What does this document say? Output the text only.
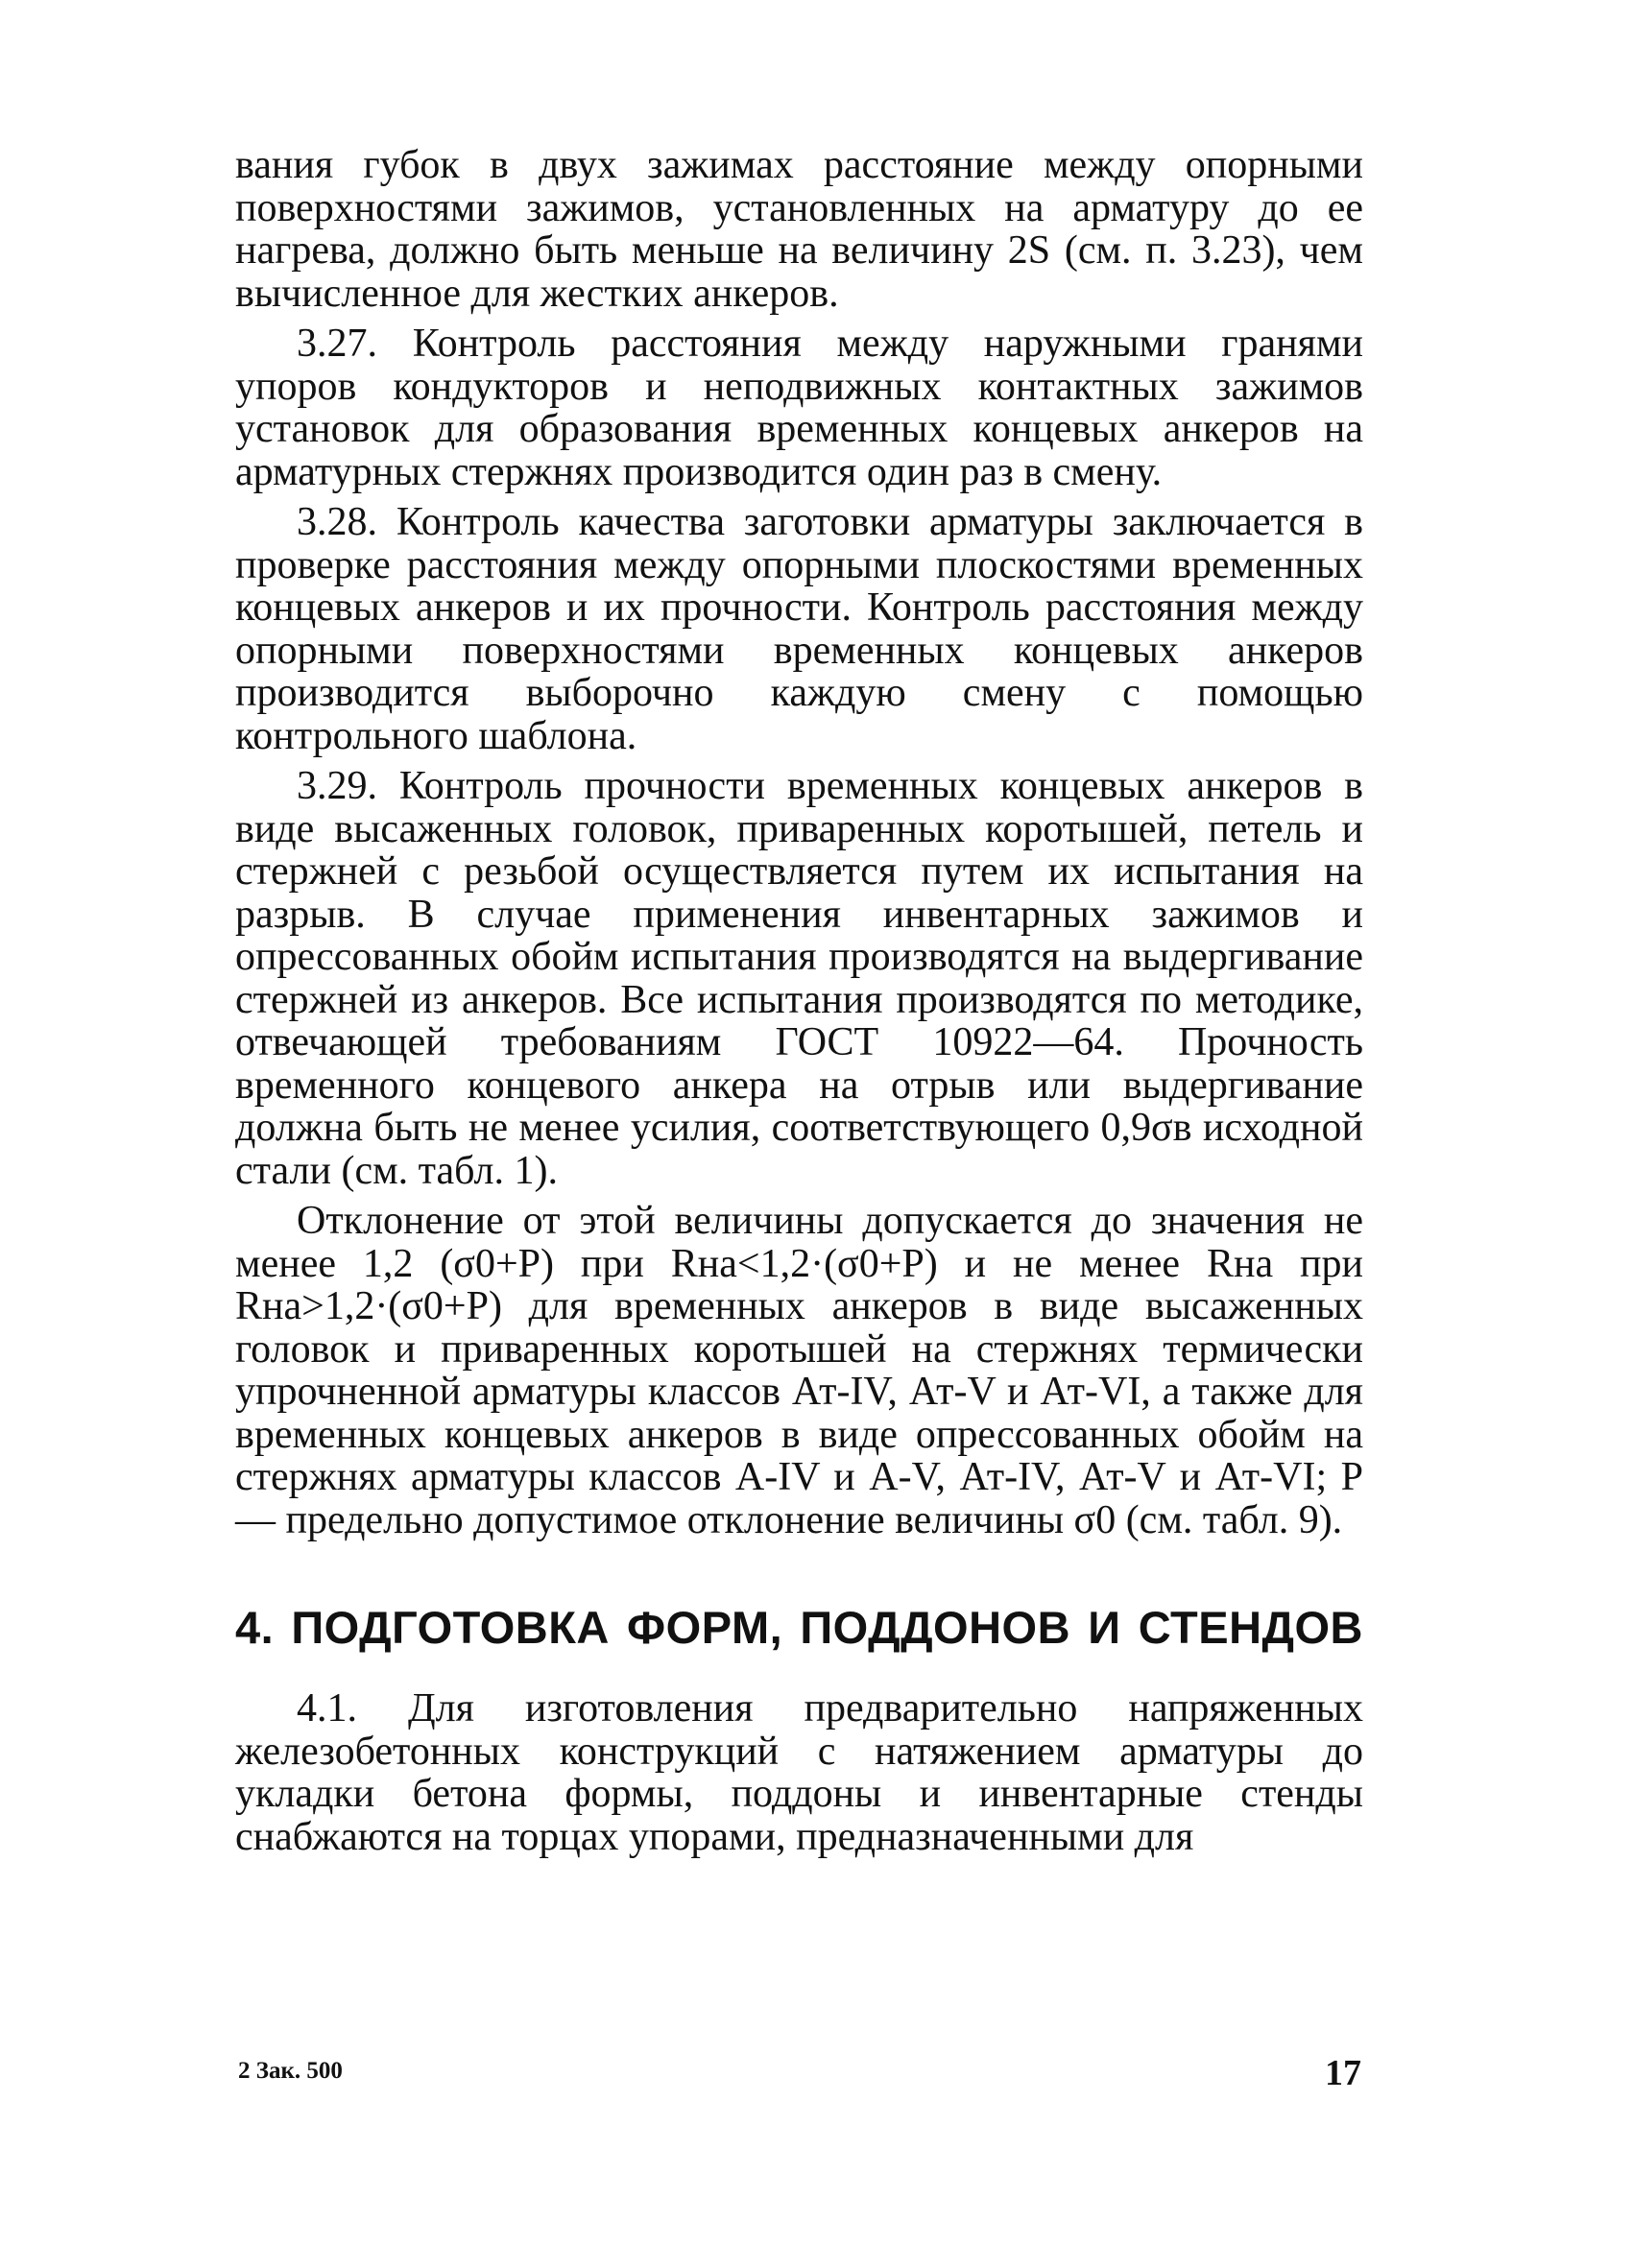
вания губок в двух зажимах расстояние между опорными поверхностями зажимов, установленных на арматуру до ее нагрева, должно быть меньше на величину 2S (см. п. 3.23), чем вычисленное для жестких анкеров.

3.27. Контроль расстояния между наружными гранями упоров кондукторов и неподвижных контактных зажимов установок для образования временных концевых анкеров на арматурных стержнях производится один раз в смену.

3.28. Контроль качества заготовки арматуры заключается в проверке расстояния между опорными плоскостями временных концевых анкеров и их прочности. Контроль расстояния между опорными поверхностями временных концевых анкеров производится выборочно каждую смену с помощью контрольного шаблона.

3.29. Контроль прочности временных концевых анкеров в виде высаженных головок, приваренных коротышей, петель и стержней с резьбой осуществляется путем их испытания на разрыв. В случае применения инвентарных зажимов и опрессованных обойм испытания производятся на выдергивание стержней из анкеров. Все испытания производятся по методике, отвечающей требованиям ГОСТ 10922—64. Прочность временного концевого анкера на отрыв или выдергивание должна быть не менее усилия, соответствующего 0,9σв исходной стали (см. табл. 1).

Отклонение от этой величины допускается до значения не менее 1,2 (σ0+P) при Rнa<1,2·(σ0+P) и не менее Rнa при Rнa>1,2·(σ0+P) для временных анкеров в виде высаженных головок и приваренных коротышей на стержнях термически упрочненной арматуры классов Ат-IV, Ат-V и Ат-VI, а также для временных концевых анкеров в виде опрессованных обойм на стержнях арматуры классов А-IV и А-V, Ат-IV, Ат-V и Ат-VI; P — предельно допустимое отклонение величины σ0 (см. табл. 9).

4. ПОДГОТОВКА ФОРМ, ПОДДОНОВ И СТЕНДОВ

4.1. Для изготовления предварительно напряженных железобетонных конструкций с натяжением арматуры до укладки бетона формы, поддоны и инвентарные стенды снабжаются на торцах упорами, предназначенными для

2 Зак. 500	17
